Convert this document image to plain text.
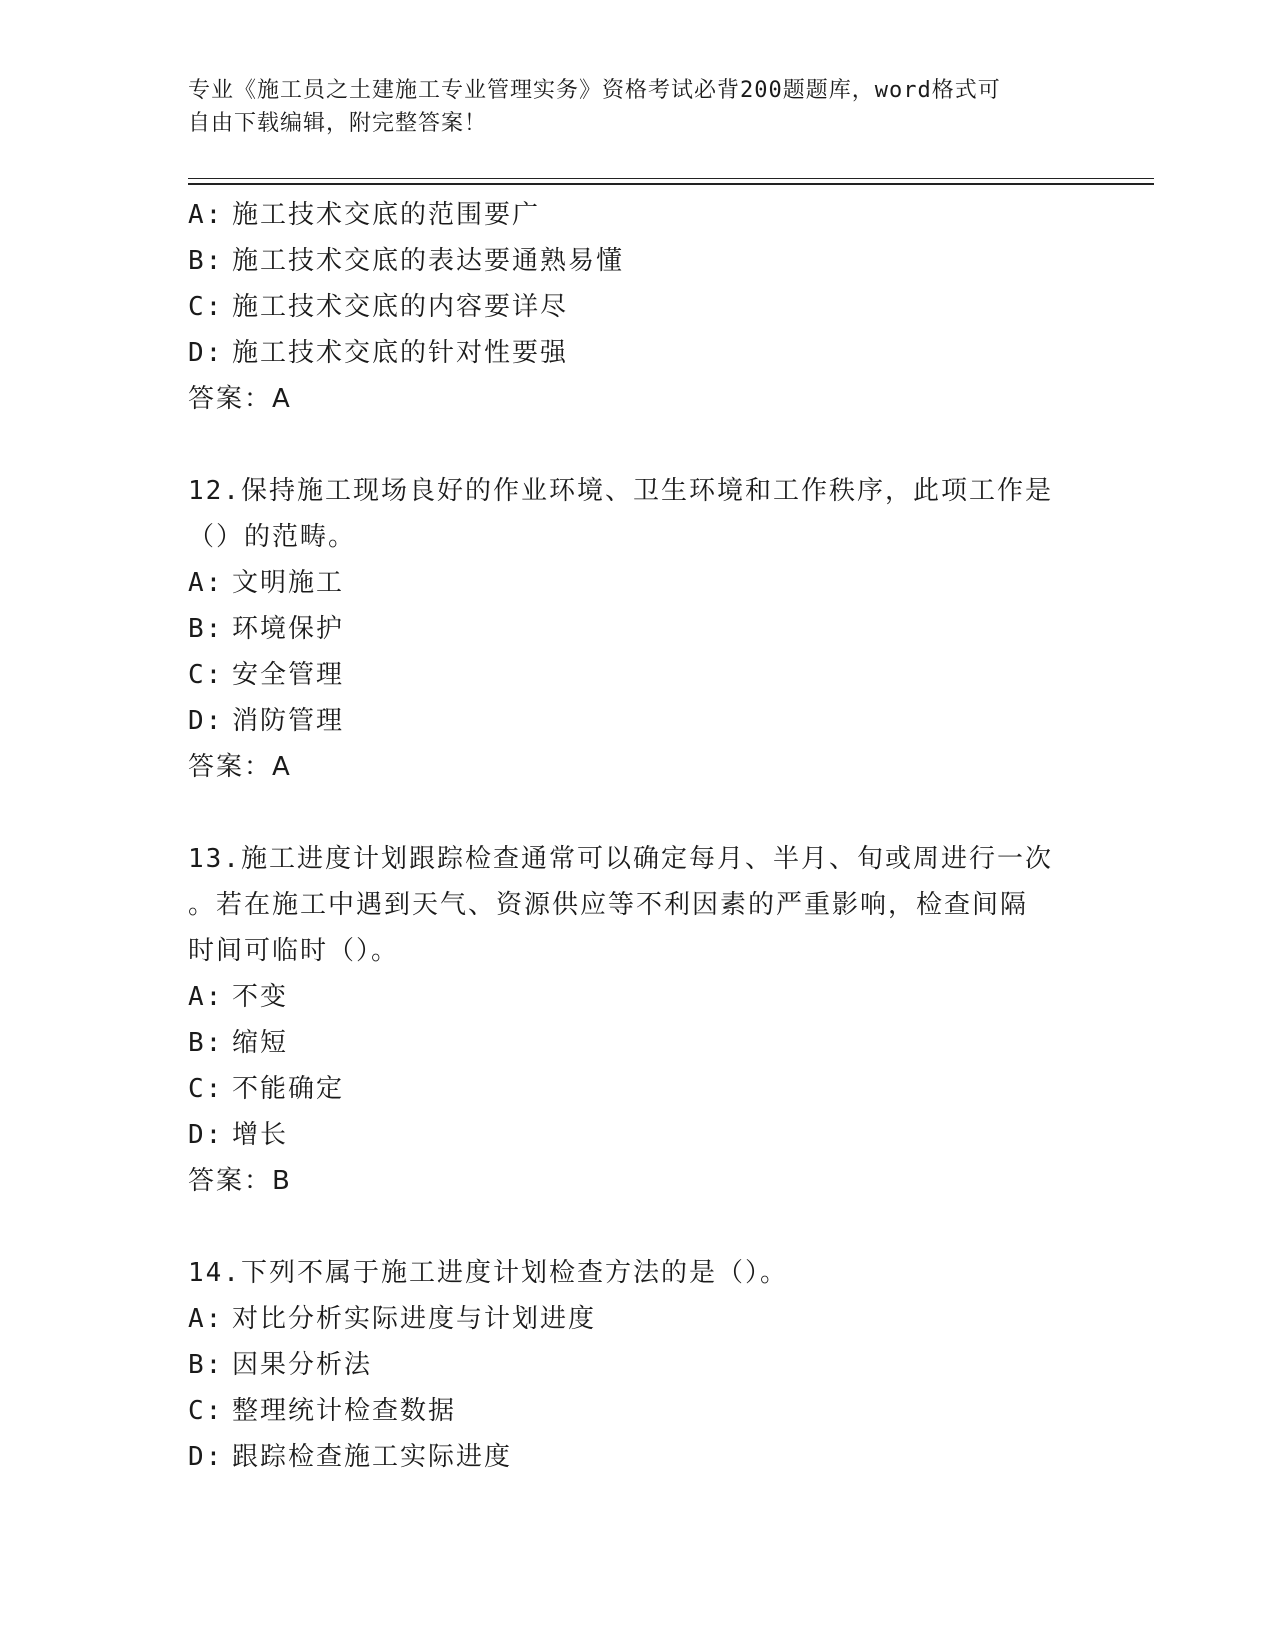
专业《施工员之土建施工专业管理实务》资格考试必背200题题库，word格式可
自由下载编辑，附完整答案！
A: 施工技术交底的范围要广
B: 施工技术交底的表达要通熟易懂
C: 施工技术交底的内容要详尽
D: 施工技术交底的针对性要强
答案：A
12.保持施工现场良好的作业环境、卫生环境和工作秩序，此项工作是
（）的范畴。
A: 文明施工
B: 环境保护
C: 安全管理
D: 消防管理
答案：A
13.施工进度计划跟踪检查通常可以确定每月、半月、旬或周进行一次
。若在施工中遇到天气、资源供应等不利因素的严重影响，检查间隔
时间可临时（）。
A: 不变
B: 缩短
C: 不能确定
D: 增长
答案：B
14.下列不属于施工进度计划检查方法的是（）。
A: 对比分析实际进度与计划进度
B: 因果分析法
C: 整理统计检查数据
D: 跟踪检查施工实际进度
